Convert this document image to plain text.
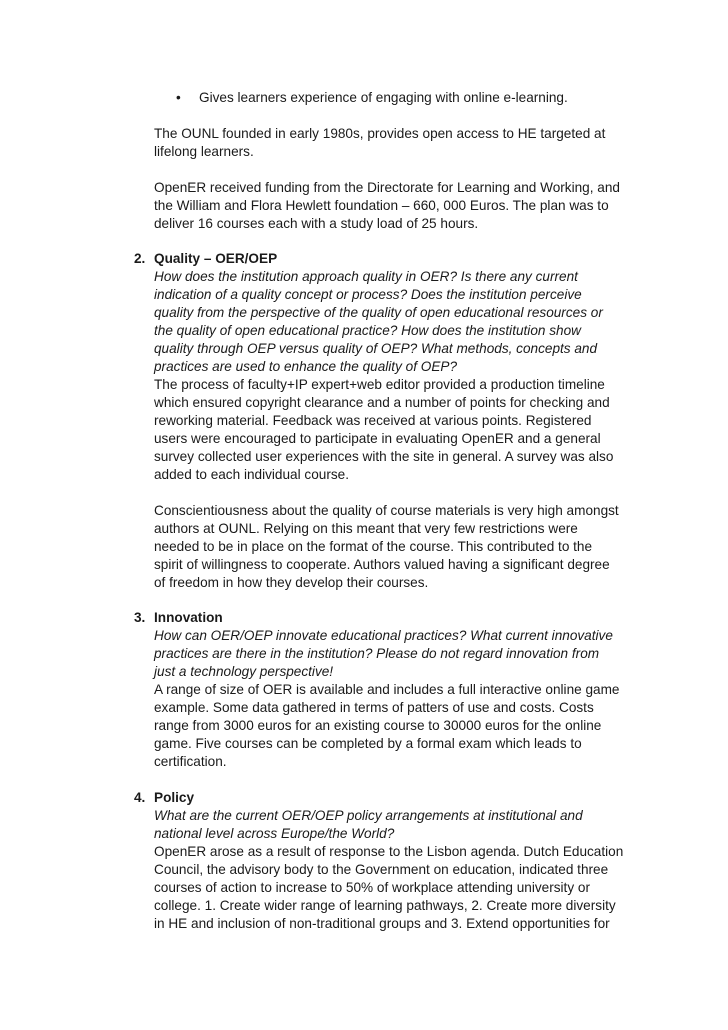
• Gives learners experience of engaging with online e-learning.
The OUNL founded in early 1980s, provides open access to HE targeted at
lifelong learners.
OpenER received funding from the Directorate for Learning and Working, and
the William and Flora Hewlett foundation – 660, 000 Euros. The plan was to
deliver 16 courses each with a study load of 25 hours.
2. Quality – OER/OEP
How does the institution approach quality in OER? Is there any current
indication of a quality concept or process? Does the institution perceive
quality from the perspective of the quality of open educational resources or
the quality of open educational practice? How does the institution show
quality through OEP versus quality of OEP? What methods, concepts and
practices are used to enhance the quality of OEP?
The process of faculty+IP expert+web editor provided a production timeline
which ensured copyright clearance and a number of points for checking and
reworking material. Feedback was received at various points. Registered
users were encouraged to participate in evaluating OpenER and a general
survey collected user experiences with the site in general. A survey was also
added to each individual course.
Conscientiousness about the quality of course materials is very high amongst
authors at OUNL. Relying on this meant that very few restrictions were
needed to be in place on the format of the course. This contributed to the
spirit of willingness to cooperate. Authors valued having a significant degree
of freedom in how they develop their courses.
3. Innovation
How can OER/OEP innovate educational practices? What current innovative
practices are there in the institution? Please do not regard innovation from
just a technology perspective!
A range of size of OER is available and includes a full interactive online game
example. Some data gathered in terms of patters of use and costs. Costs
range from 3000 euros for an existing course to 30000 euros for the online
game. Five courses can be completed by a formal exam which leads to
certification.
4. Policy
What are the current OER/OEP policy arrangements at institutional and
national level across Europe/the World?
OpenER arose as a result of response to the Lisbon agenda. Dutch Education
Council, the advisory body to the Government on education, indicated three
courses of action to increase to 50% of workplace attending university or
college. 1. Create wider range of learning pathways, 2. Create more diversity
in HE and inclusion of non-traditional groups and 3. Extend opportunities for
